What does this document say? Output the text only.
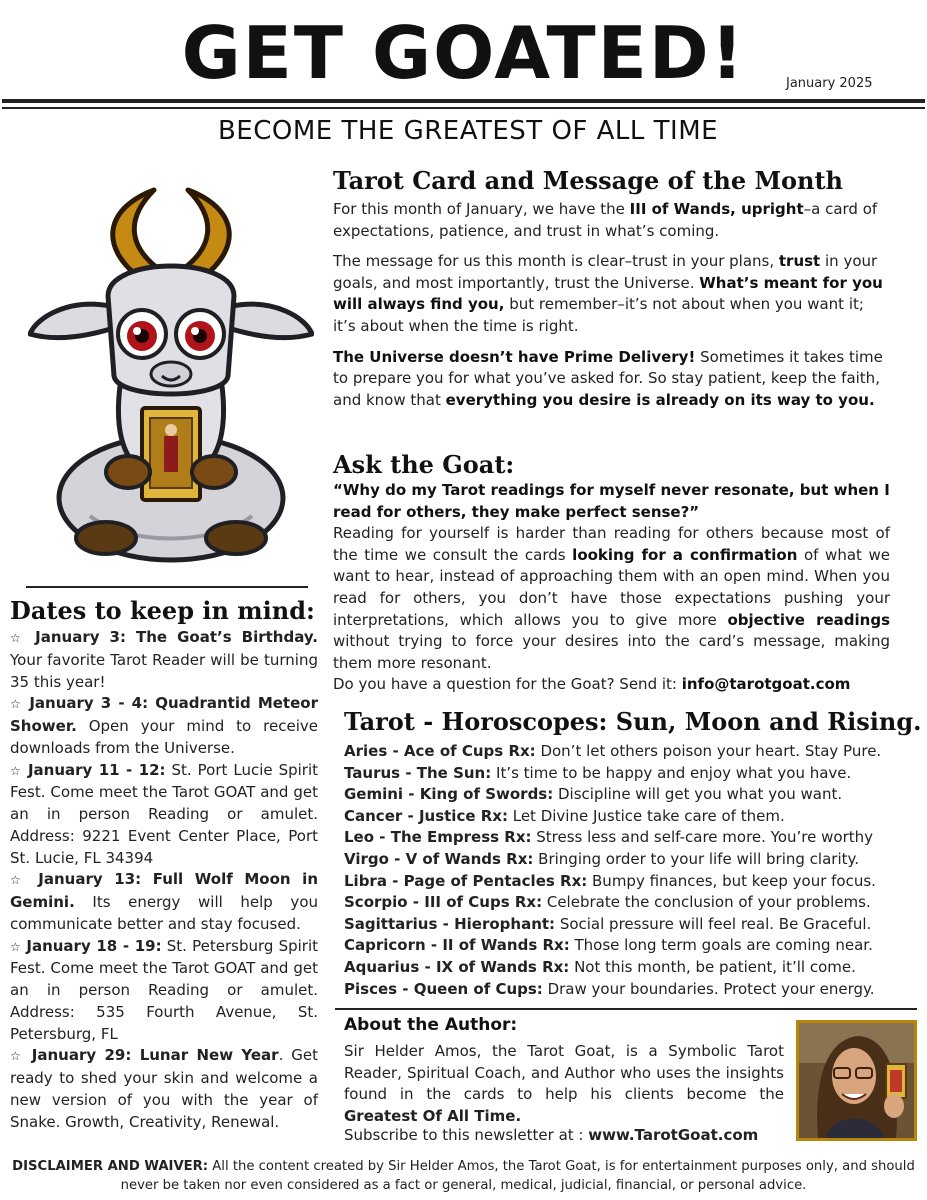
GET GOATED!	January 2025
BECOME THE GREATEST OF ALL TIME
Dates to keep in mind:
☆ January 3: The Goat’s Birthday. Your favorite Tarot Reader will be turning 35 this year!
☆ January 3 - 4: Quadrantid Meteor Shower. Open your mind to receive downloads from the Universe.
☆ January 11 - 12: St. Port Lucie Spirit Fest. Come meet the Tarot GOAT and get an in person Reading or amulet. Address: 9221 Event Center Place, Port St. Lucie, FL 34394
☆ January 13: Full Wolf Moon in Gemini. Its energy will help you communicate better and stay focused.
☆ January 18 - 19: St. Petersburg Spirit Fest. Come meet the Tarot GOAT and get an in person Reading or amulet. Address: 535 Fourth Avenue, St. Petersburg, FL
☆ January 29: Lunar New Year. Get ready to shed your skin and welcome a new version of you with the year of Snake. Growth, Creativity, Renewal.
Tarot Card and Message of the Month

For this month of January, we have the III of Wands, upright–a card of expectations, patience, and trust in what’s coming.

The message for us this month is clear–trust in your plans, trust in your goals, and most importantly, trust the Universe. What’s meant for you will always find you, but remember–it’s not about when you want it; it’s about when the time is right.

The Universe doesn’t have Prime Delivery! Sometimes it takes time to prepare you for what you’ve asked for. So stay patient, keep the faith, and know that everything you desire is already on its way to you.

Ask the Goat:

“Why do my Tarot readings for myself never resonate, but when I read for others, they make perfect sense?”

Reading for yourself is harder than reading for others because most of the time we consult the cards looking for a confirmation of what we want to hear, instead of approaching them with an open mind. When you read for others, you don’t have those expectations pushing your interpretations, which allows you to give more objective readings without trying to force your desires into the card’s message, making them more resonant.

Do you have a question for the Goat? Send it: info@tarotgoat.com

Tarot - Horoscopes: Sun, Moon and Rising.
Aries - Ace of Cups Rx: Don’t let others poison your heart. Stay Pure.
Taurus - The Sun: It’s time to be happy and enjoy what you have.
Gemini - King of Swords: Discipline will get you what you want.
Cancer - Justice Rx: Let Divine Justice take care of them.
Leo - The Empress Rx: Stress less and self-care more. You’re worthy
Virgo - V of Wands Rx: Bringing order to your life will bring clarity.
Libra - Page of Pentacles Rx: Bumpy finances, but keep your focus.
Scorpio - III of Cups Rx: Celebrate the conclusion of your problems.
Sagittarius - Hierophant: Social pressure will feel real. Be Graceful.
Capricorn - II of Wands Rx: Those long term goals are coming near.
Aquarius - IX of Wands Rx: Not this month, be patient, it’ll come.
Pisces - Queen of Cups: Draw your boundaries. Protect your energy.
About the Author:
Sir Helder Amos, the Tarot Goat, is a Symbolic Tarot Reader, Spiritual Coach, and Author who uses the insights found in the cards to help his clients become the Greatest Of All Time.
Subscribe to this newsletter at : www.TarotGoat.com
DISCLAIMER AND WAIVER: All the content created by Sir Helder Amos, the Tarot Goat, is for entertainment purposes only, and should never be taken nor even considered as a fact or general, medical, judicial, financial, or personal advice.
